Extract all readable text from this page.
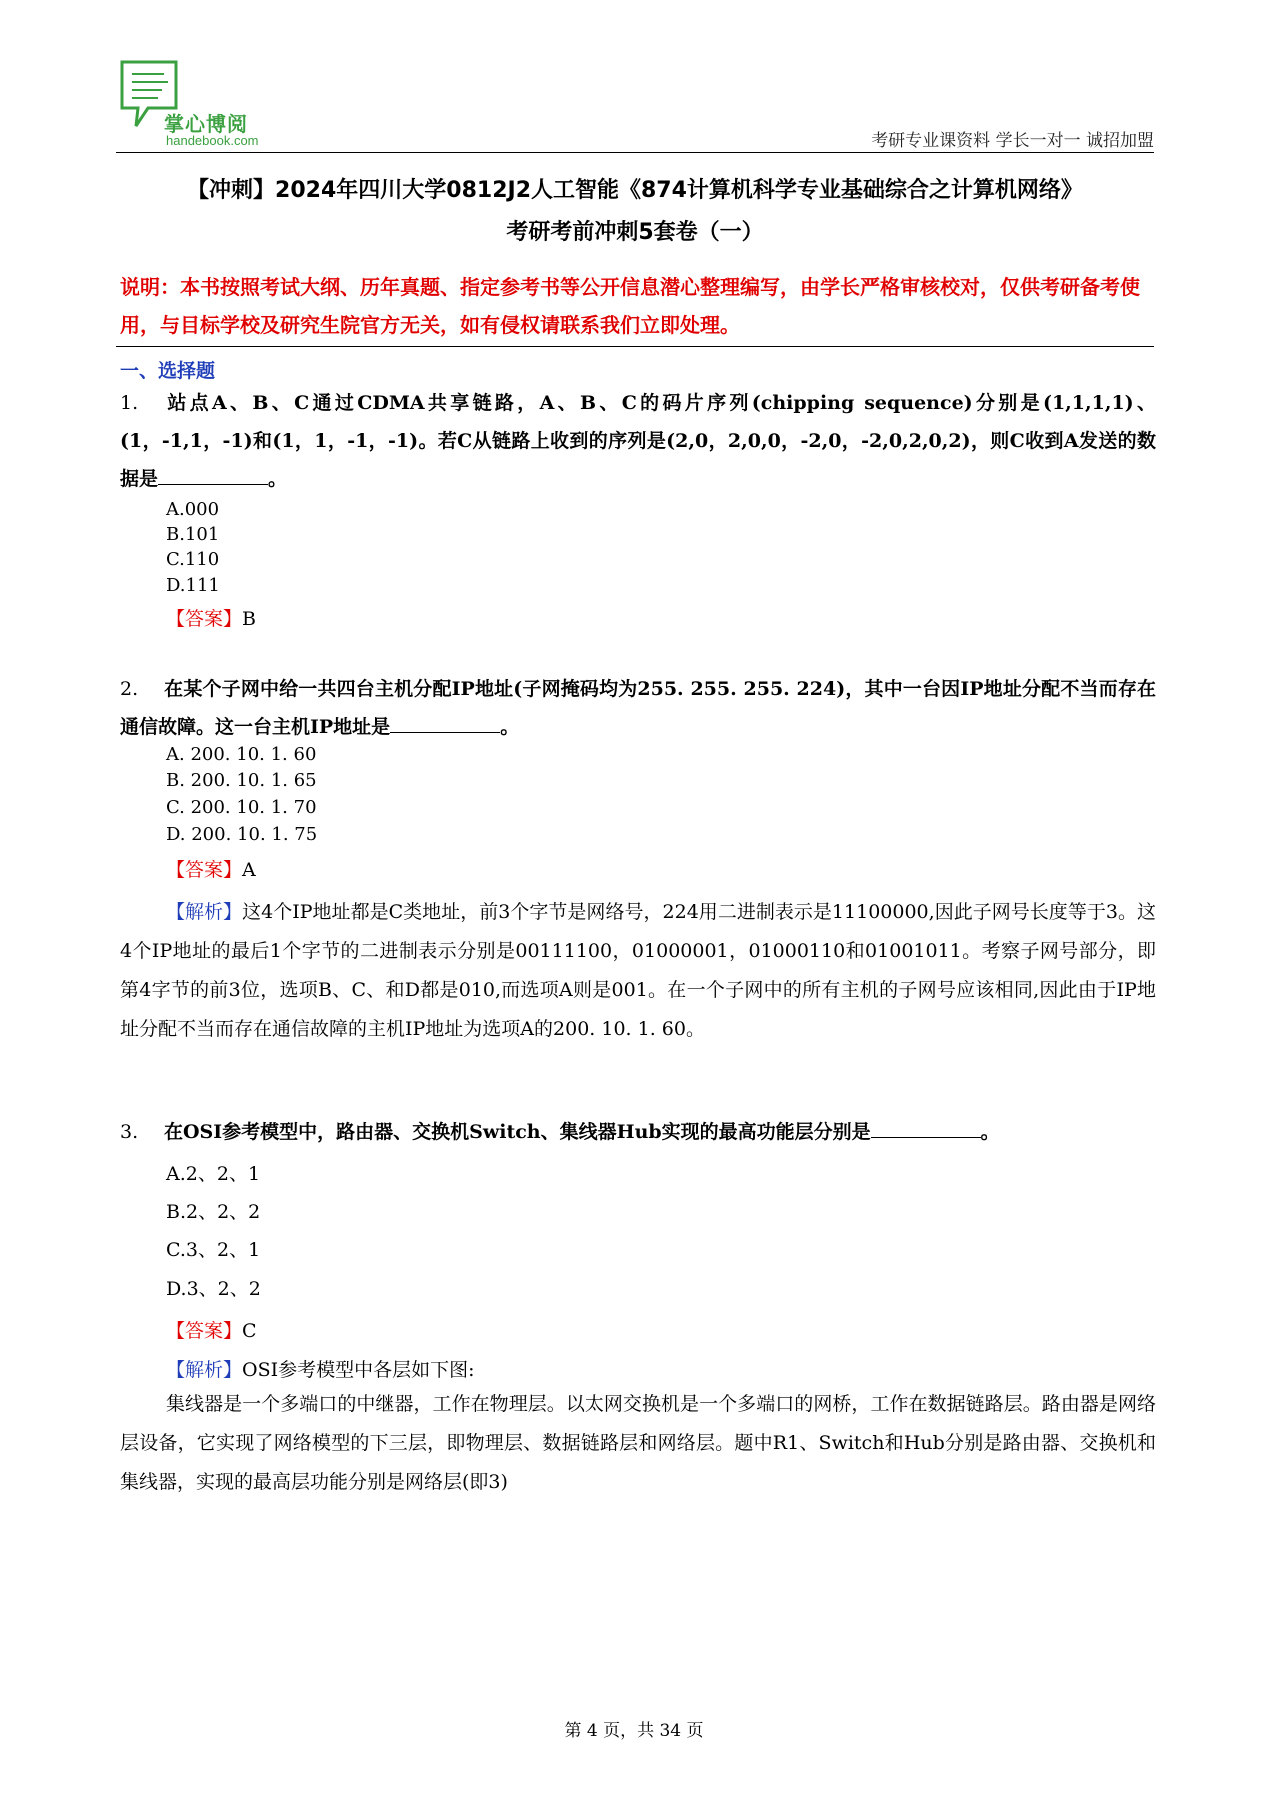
掌心博阅
handebook.com	考研专业课资料 学长一对一 诚招加盟
【冲刺】2024年四川大学0812J2人工智能《874计算机科学专业基础综合之计算机网络》
考研考前冲刺5套卷（一）
说明：本书按照考试大纲、历年真题、指定参考书等公开信息潜心整理编写，由学长严格审核校对，仅供考研备考使用，与目标学校及研究生院官方无关，如有侵权请联系我们立即处理。
一、选择题
1. 站点A、B、C通过CDMA共享链路，A、B、C的码片序列(chipping sequence)分别是(1,1,1,1)、(1，-1,1，-1)和(1，1，-1，-1)。若C从链路上收到的序列是(2,0，2,0,0，-2,0，-2,0,2,0,2)，则C收到A发送的数据是	。
A.000
B.101
C.110
D.111
【答案】B
2. 在某个子网中给一共四台主机分配IP地址(子网掩码均为255. 255. 255. 224)，其中一台因IP地址分配不当而存在通信故障。这一台主机IP地址是	。
A. 200. 10. 1. 60
B. 200. 10. 1. 65
C. 200. 10. 1. 70
D. 200. 10. 1. 75
【答案】A
【解析】这4个IP地址都是C类地址，前3个字节是网络号，224用二进制表示是11100000,因此子网号长度等于3。这4个IP地址的最后1个字节的二进制表示分别是00111100，01000001，01000110和01001011。考察子网号部分，即第4字节的前3位，选项B、C、和D都是010,而选项A则是001。在一个子网中的所有主机的子网号应该相同,因此由于IP地址分配不当而存在通信故障的主机IP地址为选项A的200. 10. 1. 60。
3. 在OSI参考模型中，路由器、交换机Switch、集线器Hub实现的最高功能层分别是	。
A.2、2、1
B.2、2、2
C.3、2、1
D.3、2、2
【答案】C
【解析】OSI参考模型中各层如下图:
集线器是一个多端口的中继器，工作在物理层。以太网交换机是一个多端口的网桥，工作在数据链路层。路由器是网络层设备，它实现了网络模型的下三层，即物理层、数据链路层和网络层。题中R1、Switch和Hub分别是路由器、交换机和集线器，实现的最高层功能分别是网络层(即3)
第 4 页，共 34 页
